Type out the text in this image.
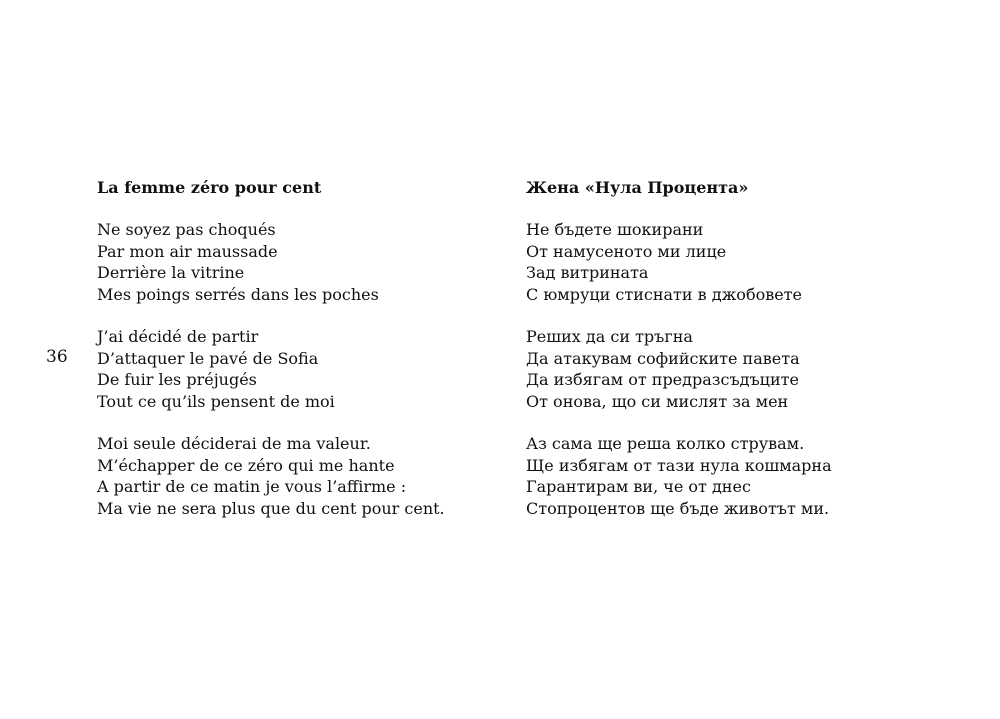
36
La femme zéro pour cent
Ne soyez pas choqués
Par mon air maussade
Derrière la vitrine
Mes poings serrés dans les poches
J’ai décidé de partir
D’attaquer le pavé de Sofia
De fuir les préjugés
Tout ce qu’ils pensent de moi
Moi seule déciderai de ma valeur.
M’échapper de ce zéro qui me hante
A partir de ce matin je vous l’affirme :
Ma vie ne sera plus que du cent pour cent.
Жена «Нула Процента»
Не бъдете шокирани
От намусеното ми лице
Зад витрината
С юмруци стиснати в джобовете
Реших да си тръгна
Да атакувам софийските павета
Да избягам от предразсъдъците
От онова, що си мислят за мен
Аз сама ще реша колко струвам.
Ще избягам от тази нула кошмарна
Гарантирам ви, че от днес
Стопроцентов ще бъде животът ми.
